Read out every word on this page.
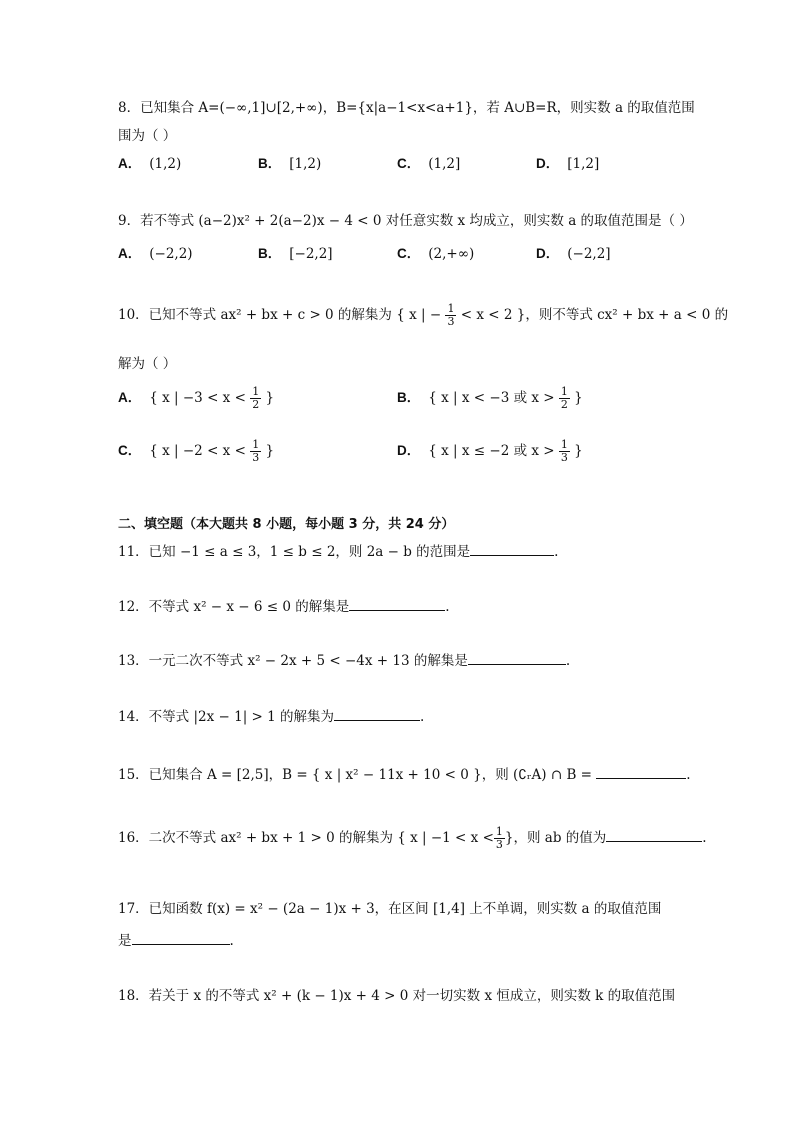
8．已知集合 A=(−∞,1]∪[2,+∞)，B={x|a−1<x<a+1}，若 A∪B=R，则实数 a 的取值范围
围为（ ）
A． (1,2)	B． [1,2)	C． (1,2]	D． [1,2]
9．若不等式 (a−2)x² + 2(a−2)x − 4 < 0 对任意实数 x 均成立，则实数 a 的取值范围是（ ）
A． (−2,2)	B． [−2,2]	C． (2,+∞)	D． (−2,2]
10．已知不等式 ax² + bx + c > 0 的解集为 { x | − $\frac{1}{3} < x < 2$ }，则不等式 cx² + bx + a < 0 的
解为（ ）
A． { x | $-3 < x < \frac{1}{2}$ }	B． { x | x < −3 或 $x > \frac{1}{2}$ }
C． { x | $-2 < x < \frac{1}{3}$ }	D． { x | x ≤ −2 或 $x > \frac{1}{3}$ }
二、填空题（本大题共 8 小题，每小题 3 分，共 24 分）
11．已知 −1 ≤ a ≤ 3，1 ≤ b ≤ 2，则 2a − b 的范围是	.
12．不等式 x² − x − 6 ≤ 0 的解集是	.
13．一元二次不等式 x² − 2x + 5 < −4x + 13 的解集是	.
14．不等式 |2x − 1| > 1 的解集为	.
15．已知集合 A = [2,5]，B = { x | x² − 11x + 10 < 0 }，则 (∁ᵣA) ∩ B =	.
16．二次不等式 ax² + bx + 1 > 0 的解集为 { x | $-1 < x < \frac{1}{3}$ }，则 ab 的值为	.
17．已知函数 f(x) = x² − (2a − 1)x + 3，在区间 [1,4] 上不单调，则实数 a 的取值范围
是	.
18．若关于 x 的不等式 x² + (k − 1)x + 4 > 0 对一切实数 x 恒成立，则实数 k 的取值范围
